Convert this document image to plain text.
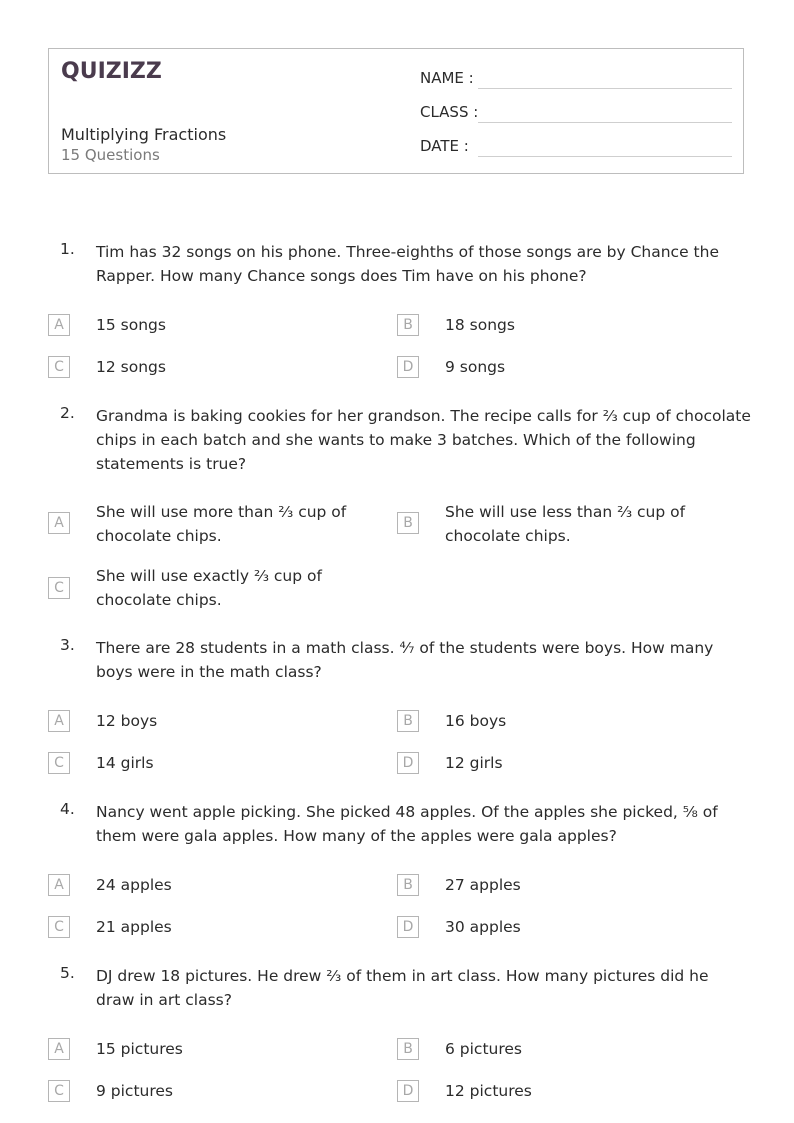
QUIZIZZ
Multiplying Fractions
15 Questions
NAME :
CLASS :
DATE :
1. Tim has 32 songs on his phone. Three-eighths of those songs are by Chance the Rapper. How many Chance songs does Tim have on his phone?
A	15 songs	B	18 songs
C	12 songs	D	9 songs
2. Grandma is baking cookies for her grandson. The recipe calls for ⅔ cup of chocolate chips in each batch and she wants to make 3 batches. Which of the following statements is true?
A
She will use more than ⅔ cup of chocolate chips.
B
She will use less than ⅔ cup of chocolate chips.
C
She will use exactly ⅔ cup of chocolate chips.
3. There are 28 students in a math class. ⁴⁄₇ of the students were boys. How many boys were in the math class?
A	12 boys	B	16 boys
C	14 girls	D	12 girls
4. Nancy went apple picking. She picked 48 apples. Of the apples she picked, ⅝ of them were gala apples. How many of the apples were gala apples?
A	24 apples	B	27 apples
C	21 apples	D	30 apples
5. DJ drew 18 pictures. He drew ⅔ of them in art class. How many pictures did he draw in art class?
A	15 pictures	B	6 pictures
C	9 pictures	D	12 pictures
